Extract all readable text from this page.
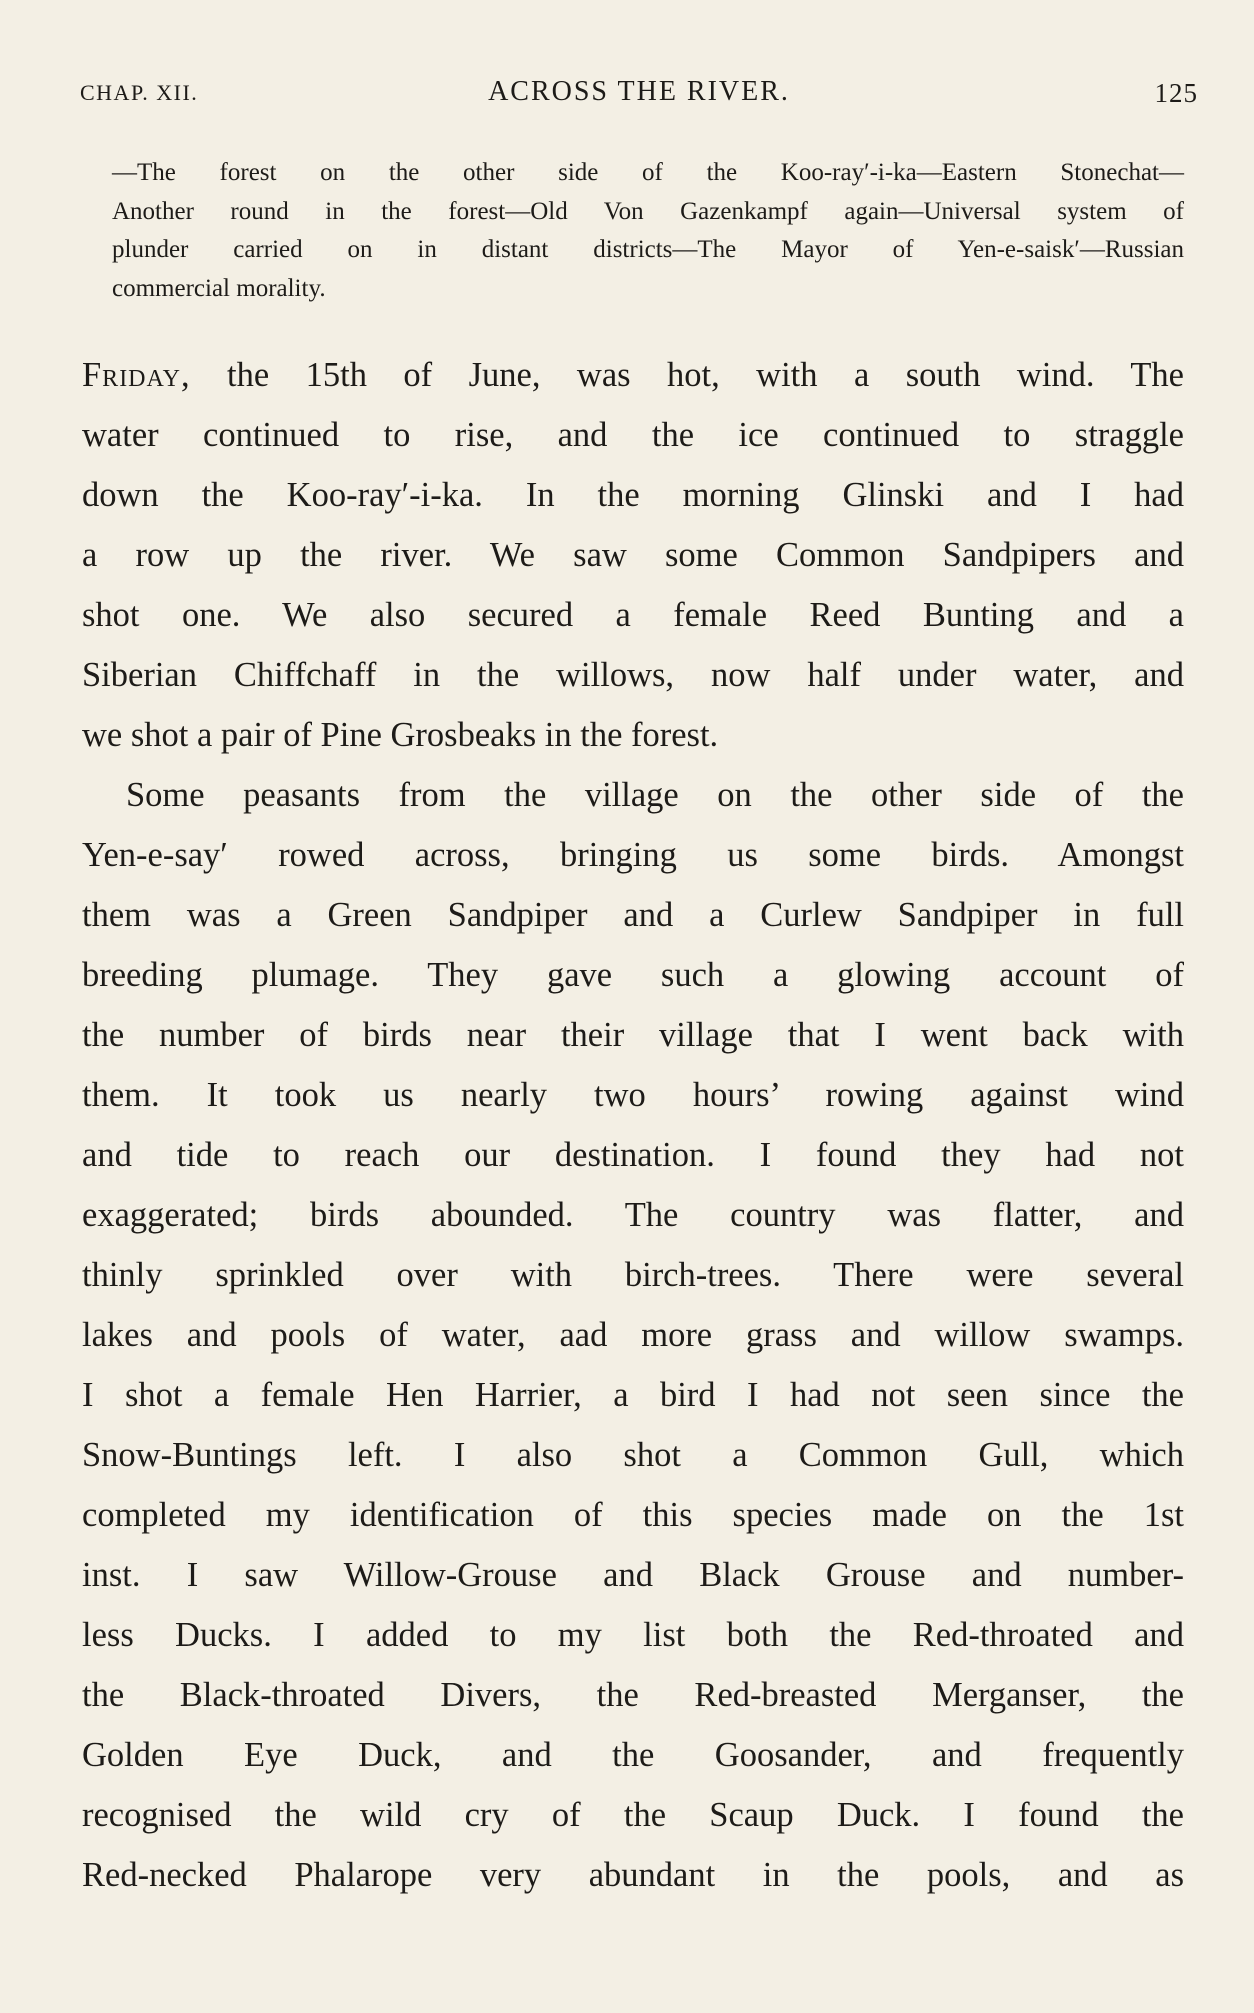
CHAP. XII.	ACROSS THE RIVER.	125
—The forest on the other side of the Koo-ray′-i-ka—Eastern Stonechat—
Another round in the forest—Old Von Gazenkampf again—Universal system of
plunder carried on in distant districts—The Mayor of Yen-e-saisk′—Russian
commercial morality.
Friday, the 15th of June, was hot, with a south wind. The
water continued to rise, and the ice continued to straggle
down the Koo-ray′-i-ka. In the morning Glinski and I had
a row up the river. We saw some Common Sandpipers and
shot one. We also secured a female Reed Bunting and a
Siberian Chiffchaff in the willows, now half under water, and
we shot a pair of Pine Grosbeaks in the forest.
Some peasants from the village on the other side of the
Yen-e-say′ rowed across, bringing us some birds. Amongst
them was a Green Sandpiper and a Curlew Sandpiper in full
breeding plumage. They gave such a glowing account of
the number of birds near their village that I went back with
them. It took us nearly two hours’ rowing against wind
and tide to reach our destination. I found they had not
exaggerated; birds abounded. The country was flatter, and
thinly sprinkled over with birch-trees. There were several
lakes and pools of water, aad more grass and willow swamps.
I shot a female Hen Harrier, a bird I had not seen since the
Snow-Buntings left. I also shot a Common Gull, which
completed my identification of this species made on the 1st
inst. I saw Willow-Grouse and Black Grouse and number-
less Ducks. I added to my list both the Red-throated and
the Black-throated Divers, the Red-breasted Merganser, the
Golden Eye Duck, and the Goosander, and frequently
recognised the wild cry of the Scaup Duck. I found the
Red-necked Phalarope very abundant in the pools, and as
